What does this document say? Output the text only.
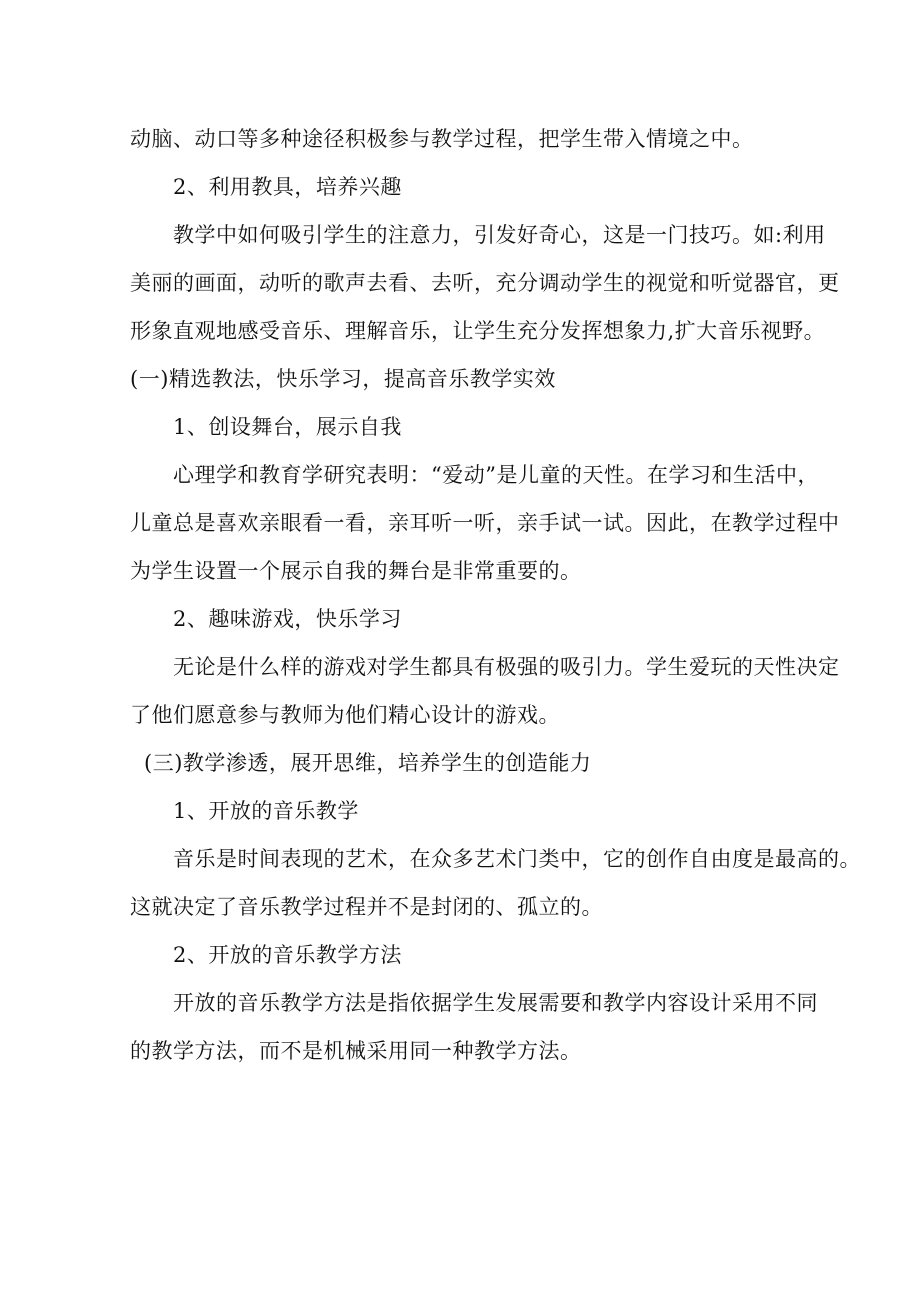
动脑、动口等多种途径积极参与教学过程，把学生带入情境之中。
2、利用教具，培养兴趣
教学中如何吸引学生的注意力，引发好奇心，这是一门技巧。如:利用
美丽的画面，动听的歌声去看、去听，充分调动学生的视觉和听觉器官，更
形象直观地感受音乐、理解音乐，让学生充分发挥想象力,扩大音乐视野。
(一)精选教法，快乐学习，提高音乐教学实效
1、创设舞台，展示自我
心理学和教育学研究表明：“爱动”是儿童的天性。在学习和生活中，
儿童总是喜欢亲眼看一看，亲耳听一听，亲手试一试。因此，在教学过程中
为学生设置一个展示自我的舞台是非常重要的。
2、趣味游戏，快乐学习
无论是什么样的游戏对学生都具有极强的吸引力。学生爱玩的天性决定
了他们愿意参与教师为他们精心设计的游戏。
(三)教学渗透，展开思维，培养学生的创造能力
1、开放的音乐教学
音乐是时间表现的艺术，在众多艺术门类中，它的创作自由度是最高的。
这就决定了音乐教学过程并不是封闭的、孤立的。
2、开放的音乐教学方法
开放的音乐教学方法是指依据学生发展需要和教学内容设计采用不同
的教学方法，而不是机械采用同一种教学方法。
